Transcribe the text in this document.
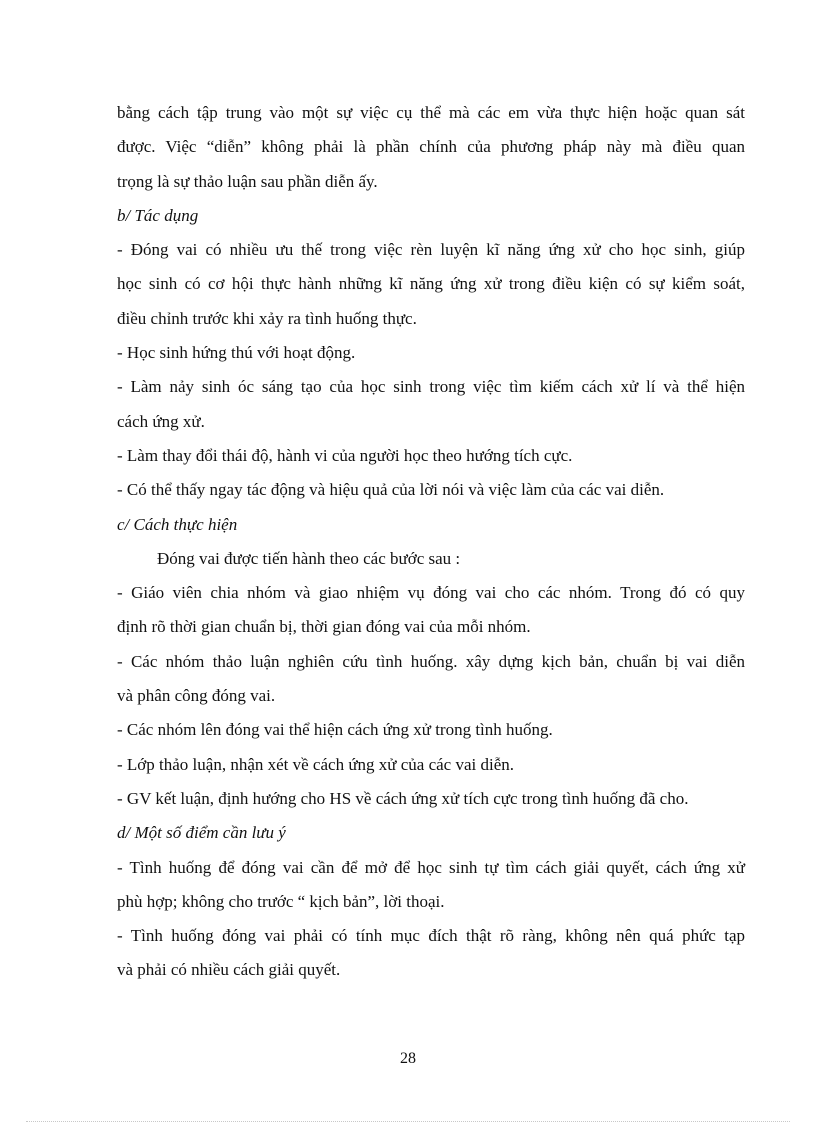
bằng cách tập trung vào một sự việc cụ thể mà các em vừa thực hiện hoặc quan sát
được. Việc “diễn” không phải là phần chính của phương pháp này mà điều quan
trọng là sự thảo luận sau phần diễn ấy.
b/ Tác dụng
- Đóng vai có nhiều ưu thế trong việc rèn luyện kĩ năng ứng xử cho học sinh, giúp
học sinh có cơ hội thực hành những kĩ năng ứng xử trong điều kiện có sự kiểm soát,
điều chỉnh trước khi xảy ra tình huống thực.
- Học sinh hứng thú với hoạt động.
- Làm nảy sinh óc sáng tạo của học sinh trong việc tìm kiếm cách xử lí và thể hiện
cách ứng xử.
- Làm thay đổi thái độ, hành vi của người học theo hướng tích cực.
- Có thể thấy ngay tác động và hiệu quả của lời nói và việc làm của các vai diễn.
c/ Cách thực hiện
Đóng vai được tiến hành theo các bước sau :
- Giáo viên chia nhóm và giao nhiệm vụ đóng vai cho các nhóm. Trong đó có quy
định rõ thời gian chuẩn bị, thời gian đóng vai của mỗi nhóm.
- Các nhóm thảo luận nghiên cứu tình huống. xây dựng kịch bản, chuẩn bị vai diễn
và phân công đóng vai.
- Các nhóm lên đóng vai thể hiện cách ứng xử trong tình huống.
- Lớp thảo luận, nhận xét về cách ứng xử của các vai diễn.
- GV kết luận, định hướng cho HS về cách ứng xử tích cực trong tình huống đã cho.
d/ Một số điểm cần lưu ý
- Tình huống để đóng vai cần để mở để học sinh tự tìm cách giải quyết, cách ứng xử
phù hợp; không cho trước “ kịch bản”, lời thoại.
- Tình huống đóng vai phải có tính mục đích thật rõ ràng, không nên quá phức tạp
và phải có nhiều cách giải quyết.
28
